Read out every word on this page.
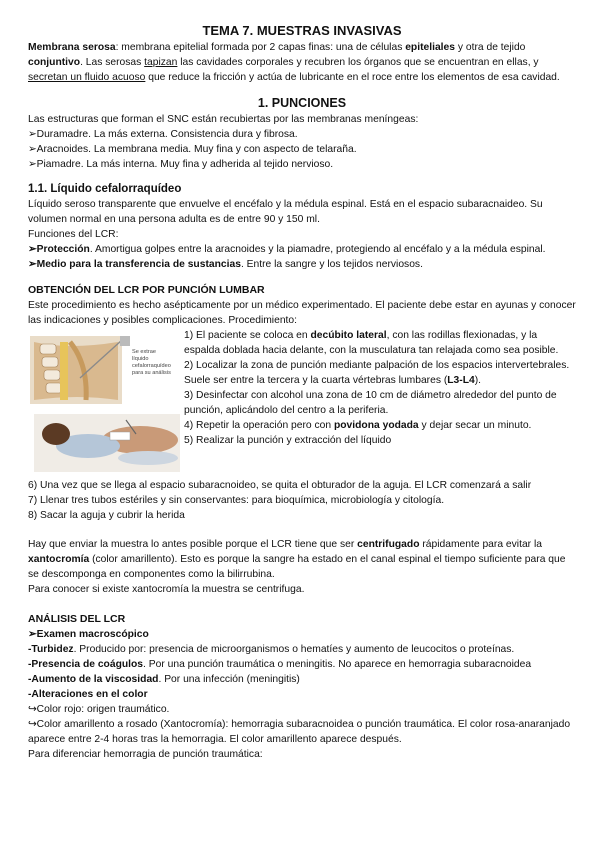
TEMA 7. MUESTRAS INVASIVAS

Membrana serosa: membrana epitelial formada por 2 capas finas: una de células epiteliales y otra de tejido conjuntivo. Las serosas tapizan las cavidades corporales y recubren los órganos que se encuentran en ellas, y secretan un fluido acuoso que reduce la fricción y actúa de lubricante en el roce entre los elementos de esa cavidad.

1. PUNCIONES

Las estructuras que forman el SNC están recubiertas por las membranas meníngeas:

➢Duramadre. La más externa. Consistencia dura y fibrosa.

➢Aracnoides. La membrana media. Muy fina y con aspecto de telaraña.

➢Piamadre. La más interna. Muy fina y adherida al tejido nervioso.

1.1. Líquido cefalorraquídeo

Líquido seroso transparente que envuelve el encéfalo y la médula espinal. Está en el espacio subaracnaideo. Su volumen normal en una persona adulta es de entre 90 y 150 ml.

Funciones del LCR:

➢Protección. Amortigua golpes entre la aracnoides y la piamadre, protegiendo al encéfalo y a la médula espinal.

➢Medio para la transferencia de sustancias. Entre la sangre y los tejidos nerviosos.

OBTENCIÓN DEL LCR POR PUNCIÓN LUMBAR

Este procedimiento es hecho asépticamente por un médico experimentado. El paciente debe estar en ayunas y conocer las indicaciones y posibles complicaciones. Procedimiento:

Se extrae
líquido
cefalorraquídeo
para su análisis

1) El paciente se coloca en decúbito lateral, con las rodillas flexionadas, y la espalda doblada hacia delante, con la musculatura tan relajada como sea posible.

2) Localizar la zona de punción mediante palpación de los espacios intervertebrales. Suele ser entre la tercera y la cuarta vértebras lumbares (L3-L4).

3) Desinfectar con alcohol una zona de 10 cm de diámetro alrededor del punto de punción, aplicándolo del centro a la periferia.

4) Repetir la operación pero con povidona yodada y dejar secar un minuto.

5) Realizar la punción y extracción del líquido

6) Una vez que se llega al espacio subaracnoideo, se quita el obturador de la aguja. El LCR comenzará a salir

7) Llenar tres tubos estériles y sin conservantes: para bioquímica, microbiología y citología.

8) Sacar la aguja y cubrir la herida

Hay que enviar la muestra lo antes posible porque el LCR tiene que ser centrifugado rápidamente para evitar la xantocromía (color amarillento). Esto es porque la sangre ha estado en el canal espinal el tiempo suficiente para que se descomponga en componentes como la bilirrubina.

Para conocer si existe xantocromía la muestra se centrifuga.

ANÁLISIS DEL LCR

➢Examen macroscópico

-Turbidez. Producido por: presencia de microorganismos o hematíes y aumento de leucocitos o proteínas.

-Presencia de coágulos. Por una punción traumática o meningitis. No aparece en hemorragia subaracnoidea

-Aumento de la viscosidad. Por una infección (meningitis)

-Alteraciones en el color

↪Color rojo: origen traumático.

↪Color amarillento a rosado (Xantocromía): hemorragia subaracnoidea o punción traumática. El color rosa-anaranjado aparece entre 2-4 horas tras la hemorragia. El color amarillento aparece después.

Para diferenciar hemorragia de punción traumática:
